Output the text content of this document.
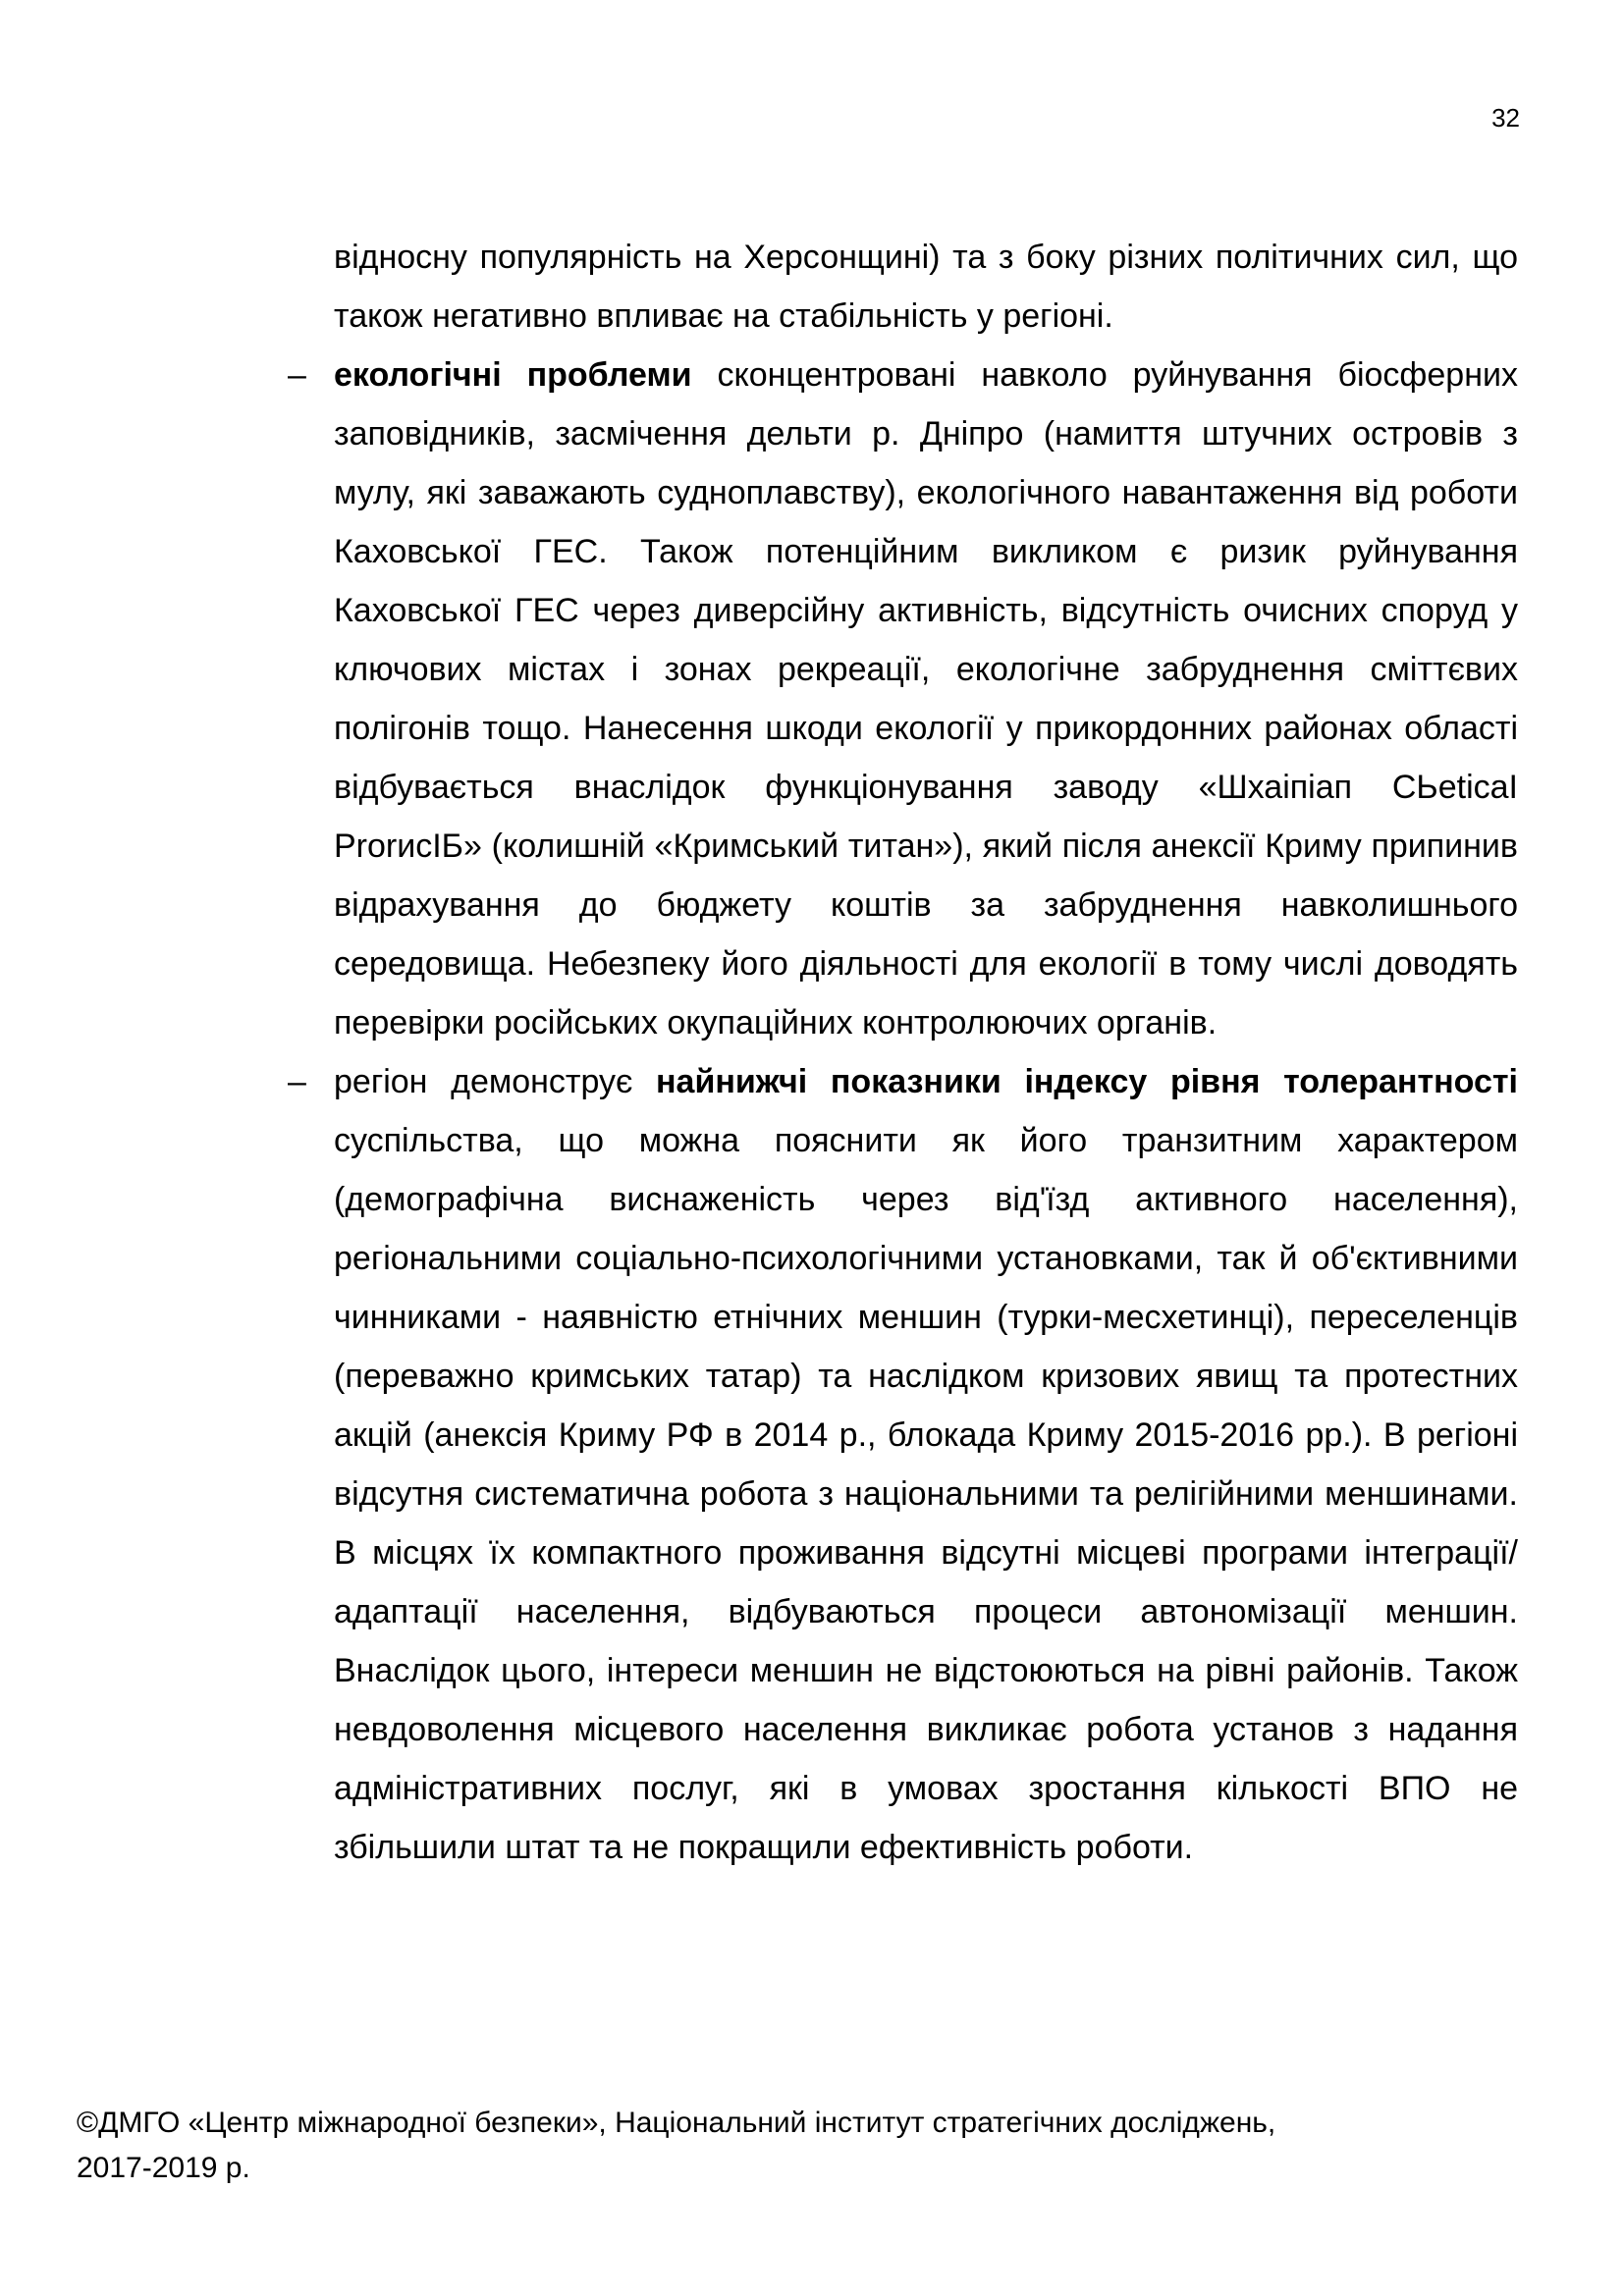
32

відносну популярність на Херсонщині) та з боку різних політичних сил, що також негативно впливає на стабільність у регіоні.

– екологічні проблеми сконцентровані навколо руйнування біосферних заповідників, засмічення дельти р. Дніпро (намиття штучних островів з мулу, які заважають судноплавству), екологічного навантаження від роботи Каховської ГЕС. Також потенційним викликом є ризик руйнування Каховської ГЕС через диверсійну активність, відсутність очисних споруд у ключових містах і зонах рекреації, екологічне забруднення сміттєвих полігонів тощо. Нанесення шкоди екології у прикордонних районах області відбувається внаслідок функціонування заводу «Шхаіпіап СЬеticaI PrоrиcIБ» (колишній «Кримський титан»), який після анексії Криму припинив відрахування до бюджету коштів за забруднення навколишнього середовища. Небезпеку його діяльності для екології в тому числі доводять перевірки російських окупаційних контролюючих органів.
– регіон демонструє найнижчі показники індексу рівня толерантності суспільства, що можна пояснити як його транзитним характером (демографічна виснаженість через від'їзд активного населення), регіональними соціально-психологічними установками, так й об'єктивними чинниками - наявністю етнічних меншин (турки-месхетинці), переселенців (переважно кримських татар) та наслідком кризових явищ та протестних акцій (анексія Криму РФ в 2014 р., блокада Криму 2015-2016 рр.). В регіоні відсутня систематична робота з національними та релігійними меншинами. В місцях їх компактного проживання відсутні місцеві програми інтеграції/адаптації населення, відбуваються процеси автономізації меншин. Внаслідок цього, інтереси меншин не відстоюються на рівні районів. Також невдоволення місцевого населення викликає робота установ з надання адміністративних послуг, які в умовах зростання кількості ВПО не збільшили штат та не покращили ефективність роботи.
©ДМГО «Центр міжнародної безпеки», Національний інститут стратегічних досліджень,
2017-2019 р.
